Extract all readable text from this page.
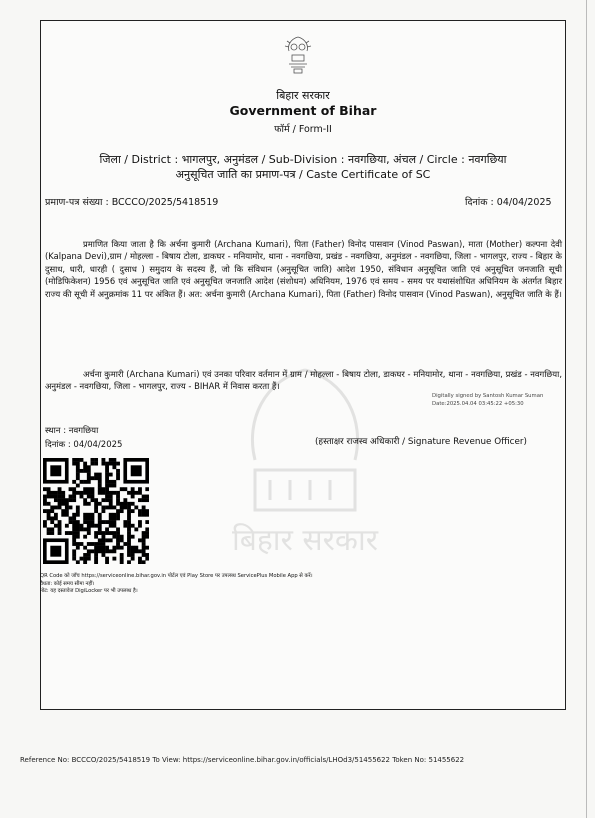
बिहार सरकार
बिहार सरकार
Government of Bihar
फॉर्म / Form-II
जिला / District : भागलपुर, अनुमंडल / Sub-Division : नवगछिया, अंचल / Circle : नवगछिया
अनुसूचित जाति का प्रमाण-पत्र / Caste Certificate of SC
प्रमाण-पत्र संख्या : BCCCO/2025/5418519	दिनांक : 04/04/2025

प्रमाणित किया जाता है कि अर्चना कुमारी (Archana Kumari), पिता (Father) विनोद पासवान (Vinod Paswan), माता (Mother) कल्पना देवी (Kalpana Devi),ग्राम / मोहल्ला - बिषाय टोला, डाकघर - मनियामोर, थाना - नवगछिया, प्रखंड - नवगछिया, अनुमंडल - नवगछिया, जिला - भागलपुर, राज्य - बिहार के दुसाध, धारी, धारही ( दुसाध ) समुदाय के सदस्य हैं, जो कि संविधान (अनुसूचित जाति) आदेश 1950, संविधान अनुसूचित जाति एवं अनुसूचित जनजाति सूची (मोडिफिकेशन) 1956 एवं अनुसूचित जाति एवं अनुसूचित जनजाति आदेश (संशोधन) अधिनियम, 1976 एवं समय - समय पर यथासंशोधित अधिनियम के अंतर्गत बिहार राज्य की सूची में अनुक्रमांक 11 पर अंकित हैं। अत: अर्चना कुमारी (Archana Kumari), पिता (Father) विनोद पासवान (Vinod Paswan), अनुसूचित जाति के हैं।

अर्चना कुमारी (Archana Kumari) एवं उनका परिवार वर्तमान में ग्राम / मोहल्ला - बिषाय टोला, डाकघर - मनियामोर, थाना - नवगछिया, प्रखंड - नवगछिया, अनुमंडल - नवगछिया, जिला - भागलपुर, राज्य - BIHAR में निवास करता हैं।

Digitally signed by Santosh Kumar Suman
Date:2025.04.04 03:45:22 +05:30
स्थान : नवगछिया
दिनांक : 04/04/2025	(हस्ताक्षर राजस्व अधिकारी / Signature Revenue Officer)
QR Code को जाँच https://serviceonline.bihar.gov.in पोर्टल एवं Play Store पर उपलब्ध ServicePlus Mobile App से करें।
वैधता: कोई समय सीमा नहीं।
नोट: यह दस्तावेज DigiLocker पर भी उपलब्ध है।
Reference No: BCCCO/2025/5418519 To View: https://serviceonline.bihar.gov.in/officials/LHOd3/51455622 Token No: 51455622
